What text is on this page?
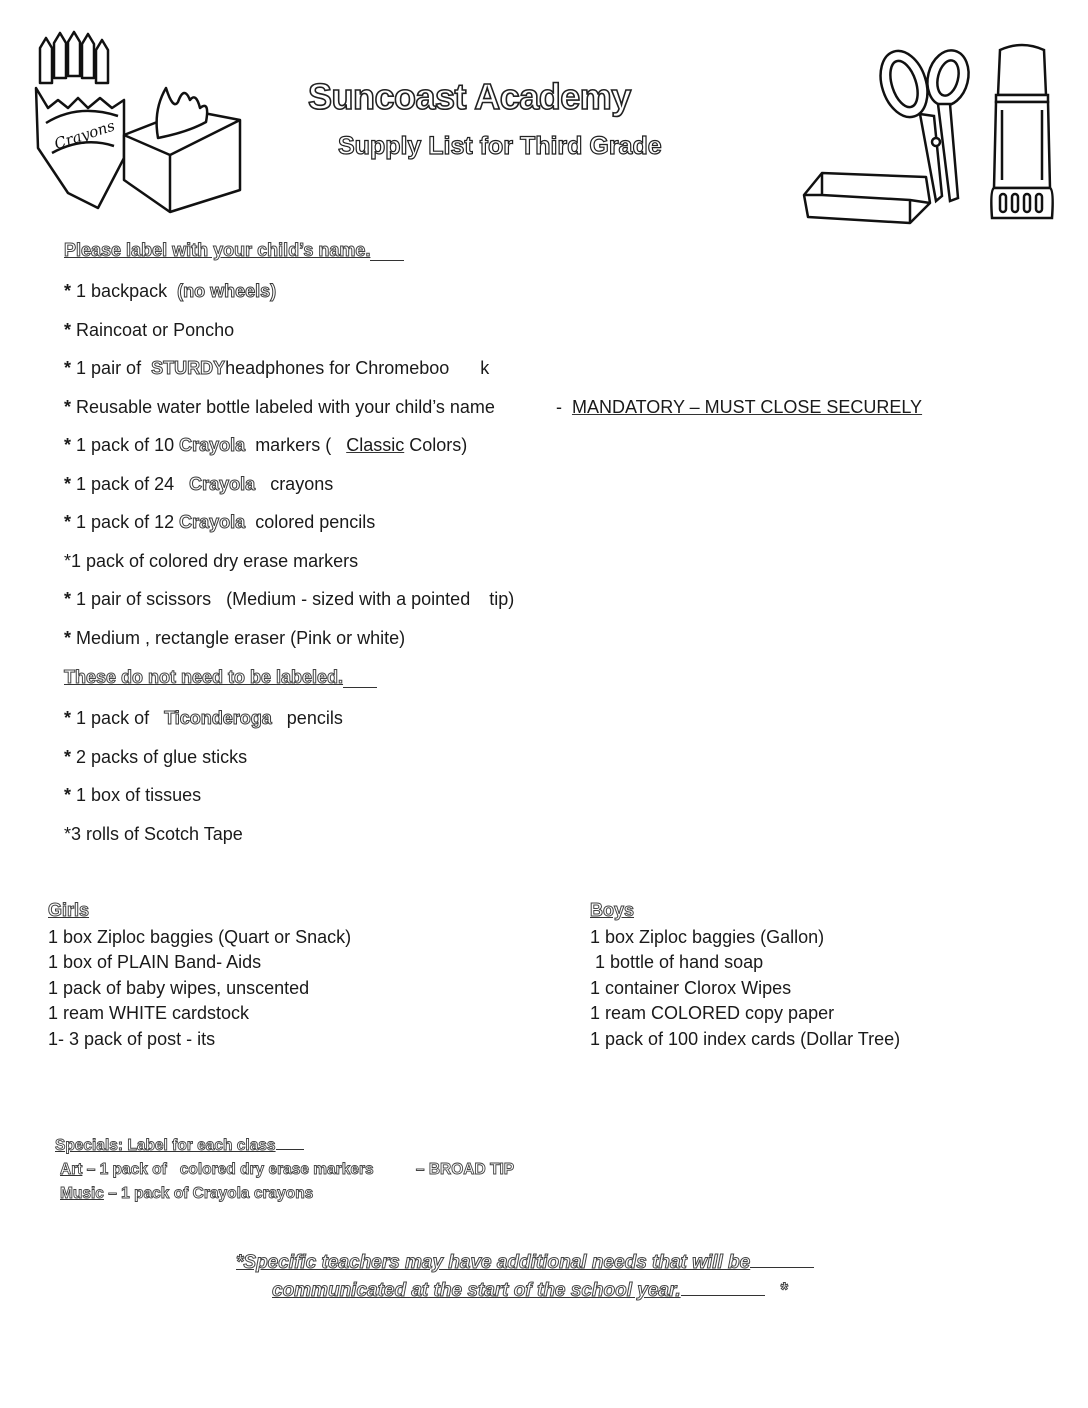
Crayons
Suncoast Academy
Supply List for Third Grade
Please label with your child’s name.
* 1 backpack (no wheels)
* Raincoat or Poncho
* 1 pair of STURDYheadphones for Chromeboo k
* Reusable water bottle labeled with your child’s name	- MANDATORY – MUST CLOSE SECURELY
* 1 pack of 10 Crayola markers ( Classic Colors)
* 1 pack of 24 Crayola crayons
* 1 pack of 12 Crayola colored pencils
*1 pack of colored dry erase markers
* 1 pair of scissors (Medium - sized with a pointed tip)
* Medium , rectangle eraser (Pink or white)
These do not need to be labeled.
* 1 pack of Ticonderoga pencils
* 2 packs of glue sticks
* 1 box of tissues
*3 rolls of Scotch Tape
Girls
1 box Ziploc baggies (Quart or Snack)
1 box of PLAIN Band- Aids
1 pack of baby wipes, unscented
1 ream WHITE cardstock
1- 3 pack of post - its
Boys
1 box Ziploc baggies (Gallon)
1 bottle of hand soap
1 container Clorox Wipes
1 ream COLORED copy paper
1 pack of 100 index cards (Dollar Tree)
Specials: Label for each class
Art – 1 pack of   colored dry erase markers	– BROAD TIP
Music – 1 pack of Crayola crayons
*Specific teachers may have additional needs that will be
communicated at the start of the school year.	*
